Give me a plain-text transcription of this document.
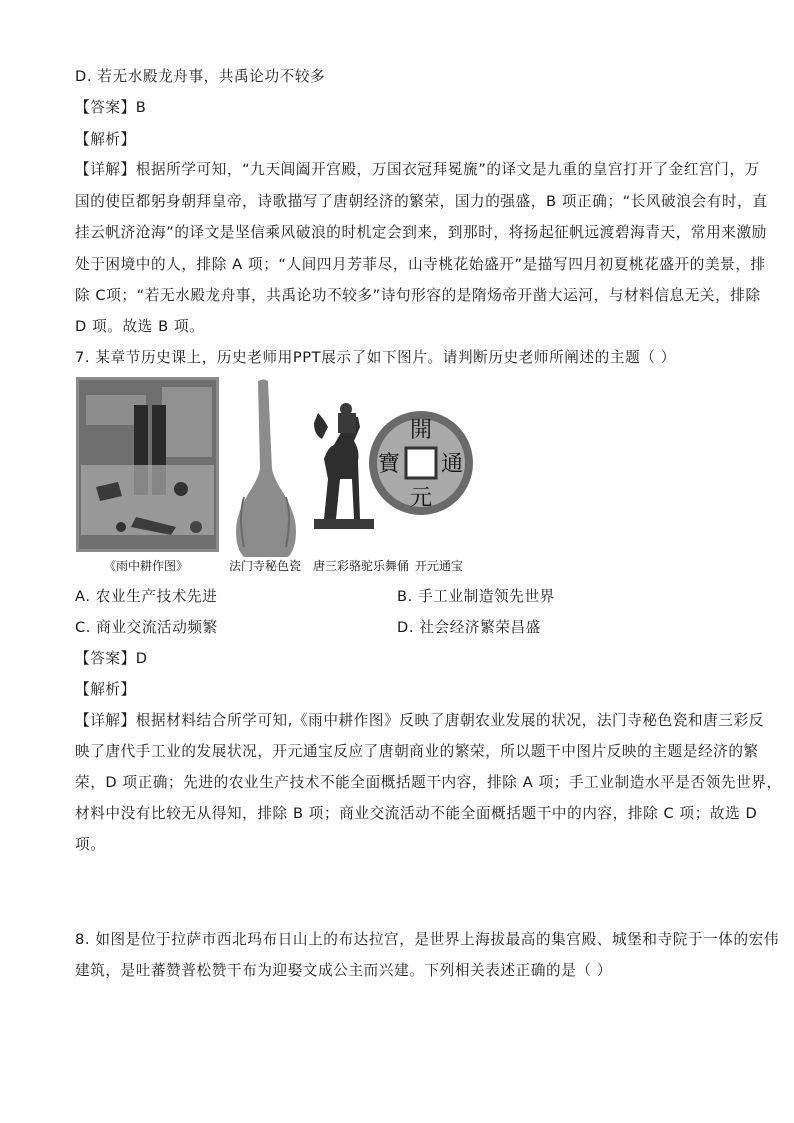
D. 若无水殿龙舟事，共禹论功不较多
【答案】B
【解析】
【详解】根据所学可知，“九天阊阖开宫殿，万国衣冠拜冕旒”的译文是九重的皇宫打开了金红宫门，万
国的使臣都躬身朝拜皇帝，诗歌描写了唐朝经济的繁荣，国力的强盛，B 项正确；“长风破浪会有时，直
挂云帆济沧海”的译文是坚信乘风破浪的时机定会到来，到那时，将扬起征帆远渡碧海青天，常用来激励
处于困境中的人，排除 A 项；“人间四月芳菲尽，山寺桃花始盛开”是描写四月初夏桃花盛开的美景，排
除 C项；“若无水殿龙舟事，共禹论功不较多”诗句形容的是隋炀帝开凿大运河，与材料信息无关，排除
D 项。故选 B 项。
7. 某章节历史课上，历史老师用PPT展示了如下图片。请判断历史老师所阐述的主题（ ）
開
通
元
寶
《雨中耕作图》	法门寺秘色瓷 唐三彩骆驼乐舞俑 开元通宝
A. 农业生产技术先进	B. 手工业制造领先世界
C. 商业交流活动频繁	D. 社会经济繁荣昌盛
【答案】D
【解析】
【详解】根据材料结合所学可知,《雨中耕作图》反映了唐朝农业发展的状况，法门寺秘色瓷和唐三彩反
映了唐代手工业的发展状况，开元通宝反应了唐朝商业的繁荣，所以题干中图片反映的主题是经济的繁
荣，D 项正确；先进的农业生产技术不能全面概括题干内容，排除 A 项；手工业制造水平是否领先世界，
材料中没有比较无从得知，排除 B 项；商业交流活动不能全面概括题干中的内容，排除 C 项；故选 D
项。
8. 如图是位于拉萨市西北玛布日山上的布达拉宫，是世界上海拔最高的集宫殿、城堡和寺院于一体的宏伟
建筑，是吐蕃赞普松赞干布为迎娶文成公主而兴建。下列相关表述正确的是（ ）
